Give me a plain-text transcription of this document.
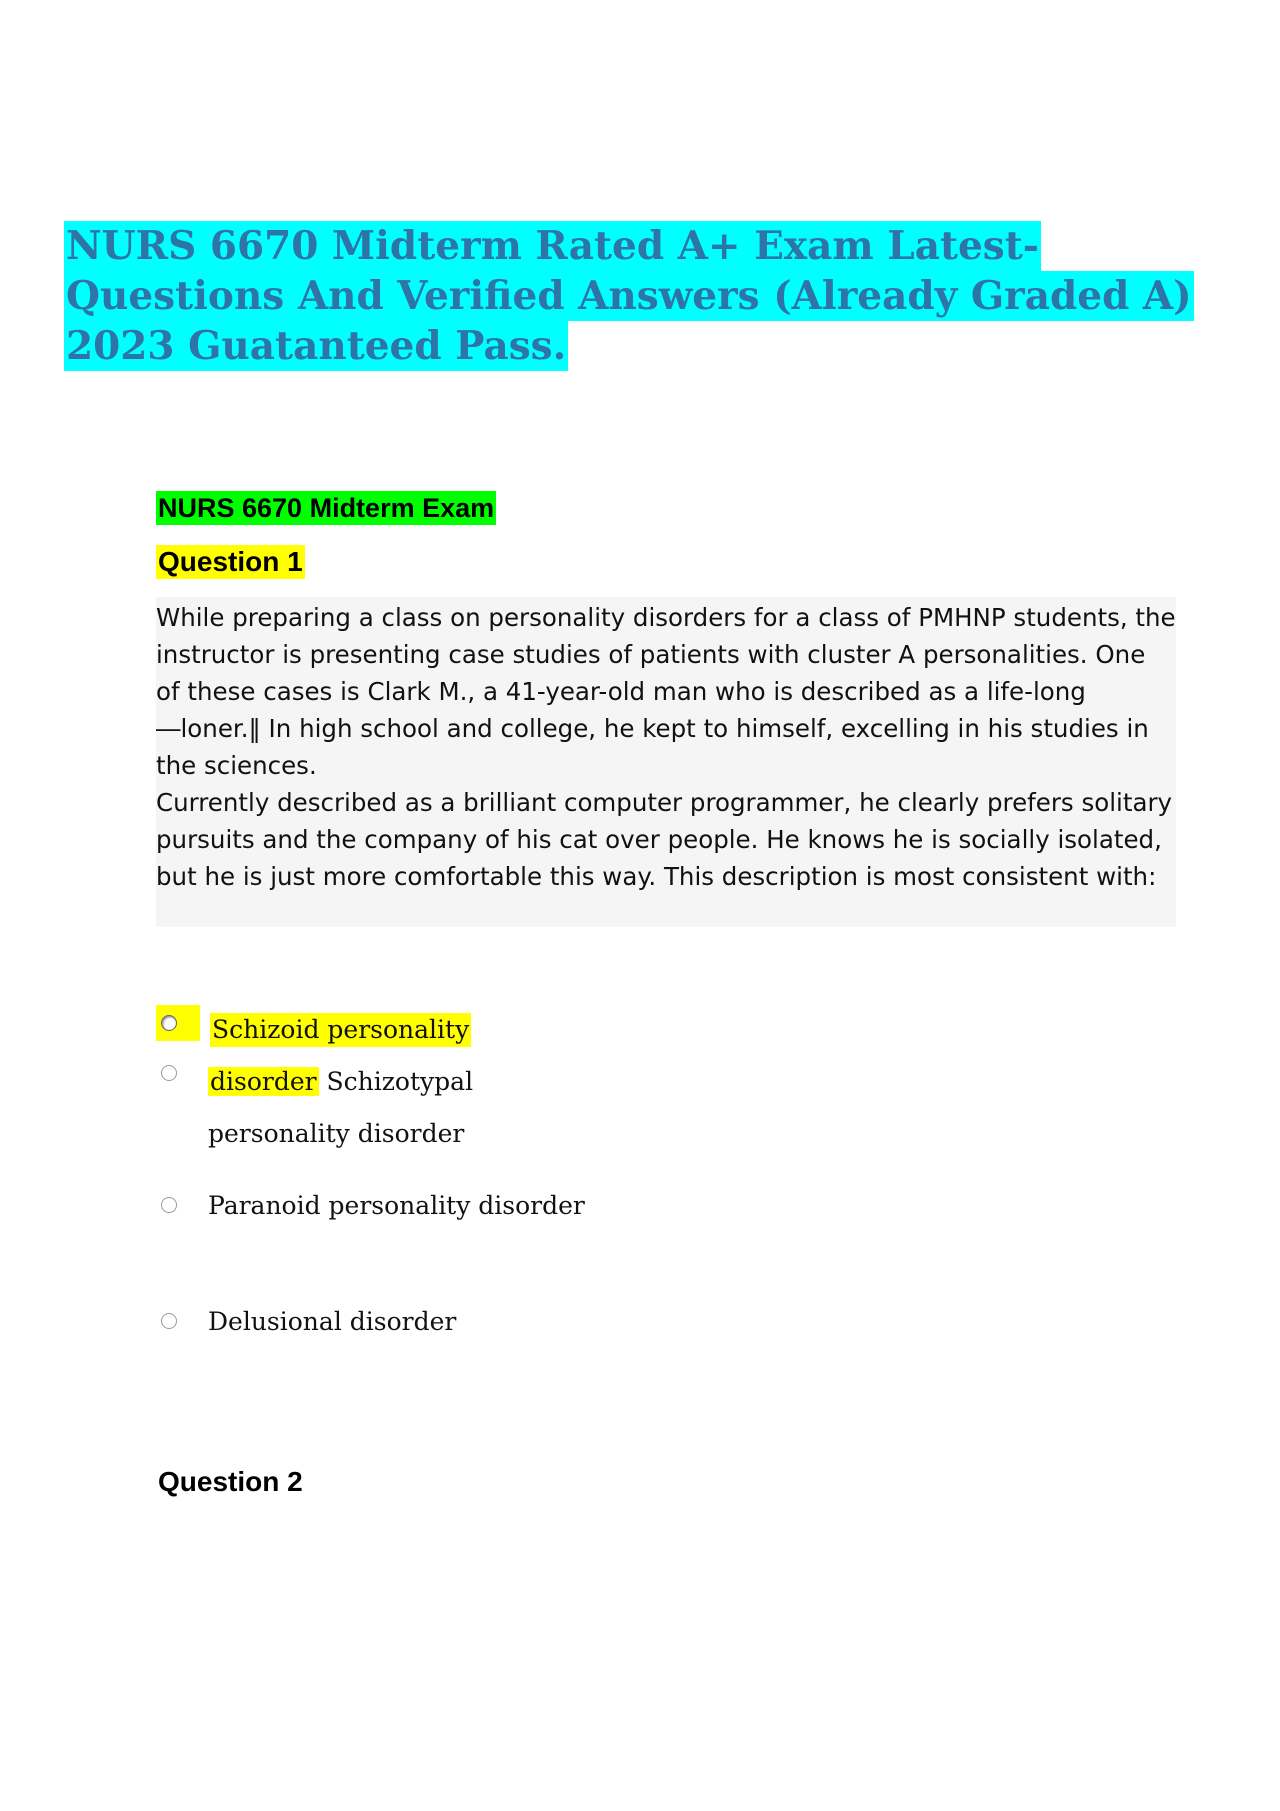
NURS 6670 Midterm Rated A+ Exam Latest-Questions And Verified Answers (Already Graded A) 2023 Guatanteed Pass.
NURS 6670 Midterm Exam
Question 1

While preparing a class on personality disorders for a class of PMHNP students, the instructor is presenting case studies of patients with cluster A personalities. One of these cases is Clark M., a 41-year-old man who is described as a life-long ―loner.‖ In high school and college, he kept to himself, excelling in his studies in the sciences.

Currently described as a brilliant computer programmer, he clearly prefers solitary pursuits and the company of his cat over people. He knows he is socially isolated, but he is just more comfortable this way. This description is most consistent with:

Schizoid personality
disorder Schizotypal
personality disorder
Paranoid personality disorder
Delusional disorder
Question 2
